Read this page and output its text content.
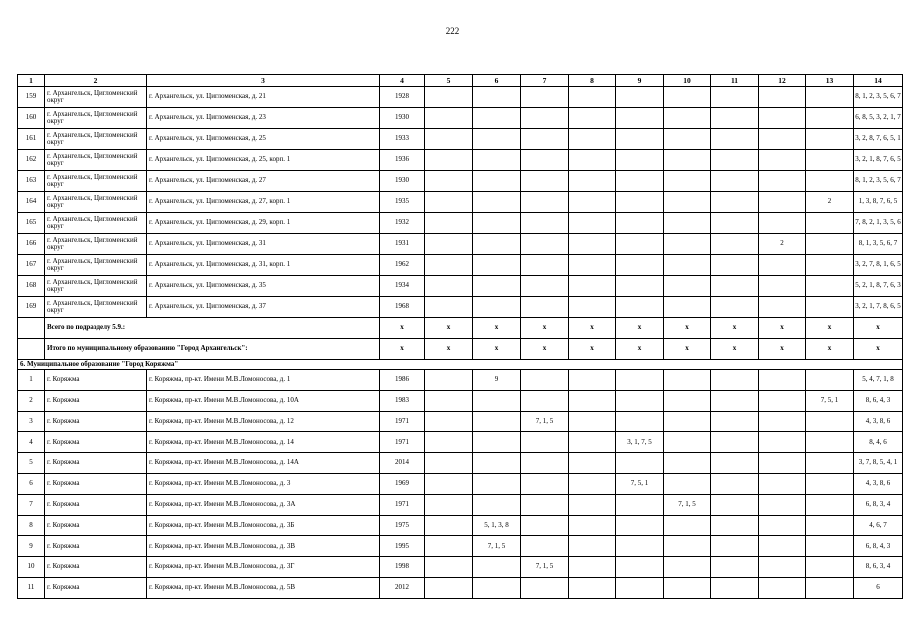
222
1	2	3	4	5	6	7	8	9	10	11	12	13	14
159	г. Архангельск, Цигломенский округ	г. Архангельск, ул. Цигломенская, д. 21	1928										8, 1, 2, 3, 5, 6, 7
160	г. Архангельск, Цигломенский округ	г. Архангельск, ул. Цигломенская, д. 23	1930										6, 8, 5, 3, 2, 1, 7
161	г. Архангельск, Цигломенский округ	г. Архангельск, ул. Цигломенская, д. 25	1933										3, 2, 8, 7, 6, 5, 1
162	г. Архангельск, Цигломенский округ	г. Архангельск, ул. Цигломенская, д. 25, корп. 1	1936										3, 2, 1, 8, 7, 6, 5
163	г. Архангельск, Цигломенский округ	г. Архангельск, ул. Цигломенская, д. 27	1930										8, 1, 2, 3, 5, 6, 7
164	г. Архангельск, Цигломенский округ	г. Архангельск, ул. Цигломенская, д. 27, корп. 1	1935									2	1, 3, 8, 7, 6, 5
165	г. Архангельск, Цигломенский округ	г. Архангельск, ул. Цигломенская, д. 29, корп. 1	1932										7, 8, 2, 1, 3, 5, 6
166	г. Архангельск, Цигломенский округ	г. Архангельск, ул. Цигломенская, д. 31	1931								2		8, 1, 3, 5, 6, 7
167	г. Архангельск, Цигломенский округ	г. Архангельск, ул. Цигломенская, д. 31, корп. 1	1962										3, 2, 7, 8, 1, 6, 5
168	г. Архангельск, Цигломенский округ	г. Архангельск, ул. Цигломенская, д. 35	1934										5, 2, 1, 8, 7, 6, 3
169	г. Архангельск, Цигломенский округ	г. Архангельск, ул. Цигломенская, д. 37	1968										3, 2, 1, 7, 8, 6, 5
	Всего по подразделу 5.9.:		x	x	x	x	x	x	x	x	x	x	x
	Итого по муниципальному образованию "Город Архангельск":		x	x	x	x	x	x	x	x	x	x	x
6. Муниципальное образование "Город Коряжма"													
1	г. Коряжма	г. Коряжма, пр-кт. Имени М.В.Ломоносова, д. 1	1986		9								5, 4, 7, 1, 8
2	г. Коряжма	г. Коряжма, пр-кт. Имени М.В.Ломоносова, д. 10А	1983									7, 5, 1	8, 6, 4, 3
3	г. Коряжма	г. Коряжма, пр-кт. Имени М.В.Ломоносова, д. 12	1971			7, 1, 5							4, 3, 8, 6
4	г. Коряжма	г. Коряжма, пр-кт. Имени М.В.Ломоносова, д. 14	1971					3, 1, 7, 5					8, 4, 6
5	г. Коряжма	г. Коряжма, пр-кт. Имени М.В.Ломоносова, д. 14А	2014										3, 7, 8, 5, 4, 1
6	г. Коряжма	г. Коряжма, пр-кт. Имени М.В.Ломоносова, д. 3	1969					7, 5, 1					4, 3, 8, 6
7	г. Коряжма	г. Коряжма, пр-кт. Имени М.В.Ломоносова, д. 3А	1971						7, 1, 5				6, 8, 3, 4
8	г. Коряжма	г. Коряжма, пр-кт. Имени М.В.Ломоносова, д. 3Б	1975		5, 1, 3, 8								4, 6, 7
9	г. Коряжма	г. Коряжма, пр-кт. Имени М.В.Ломоносова, д. 3В	1995		7, 1, 5								6, 8, 4, 3
10	г. Коряжма	г. Коряжма, пр-кт. Имени М.В.Ломоносова, д. 3Г	1998			7, 1, 5							8, 6, 3, 4
11	г. Коряжма	г. Коряжма, пр-кт. Имени М.В.Ломоносова, д. 5В	2012										6
